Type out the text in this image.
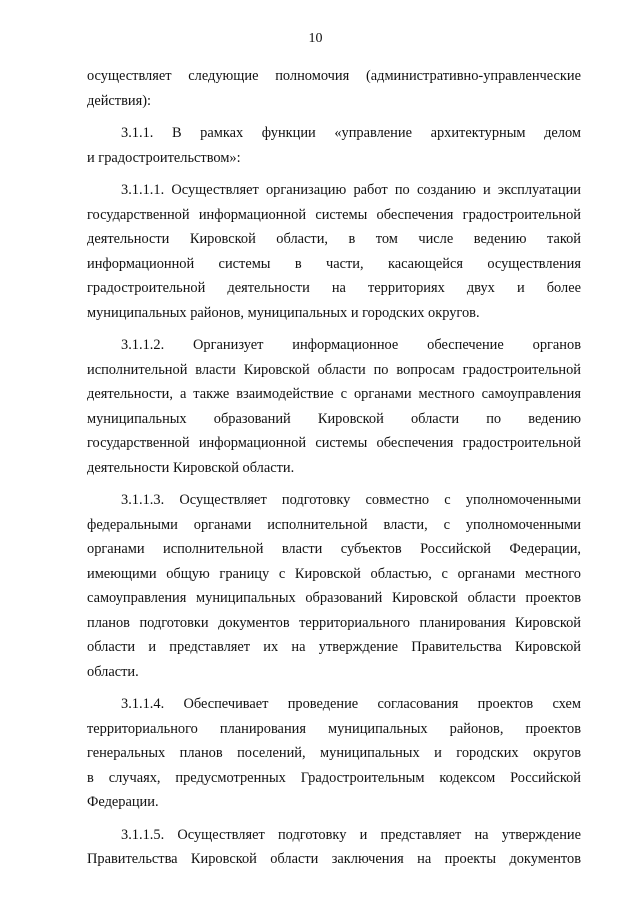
10
осуществляет следующие полномочия (административно-управленческие
действия):
3.1.1. В рамках функции «управление архитектурным делом
и градостроительством»:
3.1.1.1. Осуществляет организацию работ по созданию и эксплуатации
государственной информационной системы обеспечения градостроительной
деятельности Кировской области, в том числе ведению такой
информационной системы в части, касающейся осуществления
градостроительной деятельности на территориях двух и более
муниципальных районов, муниципальных и городских округов.
3.1.1.2. Организует информационное обеспечение органов
исполнительной власти Кировской области по вопросам градостроительной
деятельности, а также взаимодействие с органами местного самоуправления
муниципальных образований Кировской области по ведению
государственной информационной системы обеспечения градостроительной
деятельности Кировской области.
3.1.1.3. Осуществляет подготовку совместно с уполномоченными
федеральными органами исполнительной власти, с уполномоченными
органами исполнительной власти субъектов Российской Федерации,
имеющими общую границу с Кировской областью, с органами местного
самоуправления муниципальных образований Кировской области проектов
планов подготовки документов территориального планирования Кировской
области и представляет их на утверждение Правительства Кировской
области.
3.1.1.4. Обеспечивает проведение согласования проектов схем
территориального планирования муниципальных районов, проектов
генеральных планов поселений, муниципальных и городских округов
в случаях, предусмотренных Градостроительным кодексом Российской
Федерации.
3.1.1.5. Осуществляет подготовку и представляет на утверждение
Правительства Кировской области заключения на проекты документов
